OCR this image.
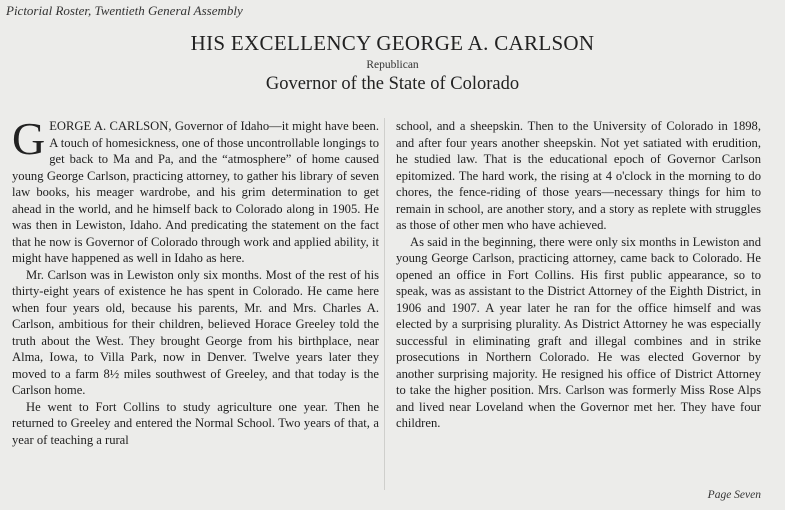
Pictorial Roster, Twentieth General Assembly
HIS EXCELLENCY GEORGE A. CARLSON
Republican
Governor of the State of Colorado

GEORGE A. CARLSON, Governor of Idaho—it might have been. A touch of homesickness, one of those uncontrollable longings to get back to Ma and Pa, and the “atmosphere” of home caused young George Carlson, practicing attorney, to gather his library of seven law books, his meager wardrobe, and his grim determination to get ahead in the world, and he himself back to Colorado along in 1905. He was then in Lewiston, Idaho. And predicating the statement on the fact that he now is Governor of Colorado through work and applied ability, it might have happened as well in Idaho as here.

Mr. Carlson was in Lewiston only six months. Most of the rest of his thirty-eight years of existence he has spent in Colorado. He came here when four years old, because his parents, Mr. and Mrs. Charles A. Carlson, ambitious for their children, believed Horace Greeley told the truth about the West. They brought George from his birthplace, near Alma, Iowa, to Villa Park, now in Denver. Twelve years later they moved to a farm 8½ miles southwest of Greeley, and that today is the Carlson home.

He went to Fort Collins to study agriculture one year. Then he returned to Greeley and entered the Normal School. Two years of that, a year of teaching a rural

school, and a sheepskin. Then to the University of Colorado in 1898, and after four years another sheepskin. Not yet satiated with erudition, he studied law. That is the educational epoch of Governor Carlson epitomized. The hard work, the rising at 4 o'clock in the morning to do chores, the fence-riding of those years—necessary things for him to remain in school, are another story, and a story as replete with struggles as those of other men who have achieved.

As said in the beginning, there were only six months in Lewiston and young George Carlson, practicing attorney, came back to Colorado. He opened an office in Fort Collins. His first public appearance, so to speak, was as assistant to the District Attorney of the Eighth District, in 1906 and 1907. A year later he ran for the office himself and was elected by a surprising plurality. As District Attorney he was especially successful in eliminating graft and illegal combines and in strike prosecutions in Northern Colorado. He was elected Governor by another surprising majority. He resigned his office of District Attorney to take the higher position. Mrs. Carlson was formerly Miss Rose Alps and lived near Loveland when the Governor met her. They have four children.

Page Seven
